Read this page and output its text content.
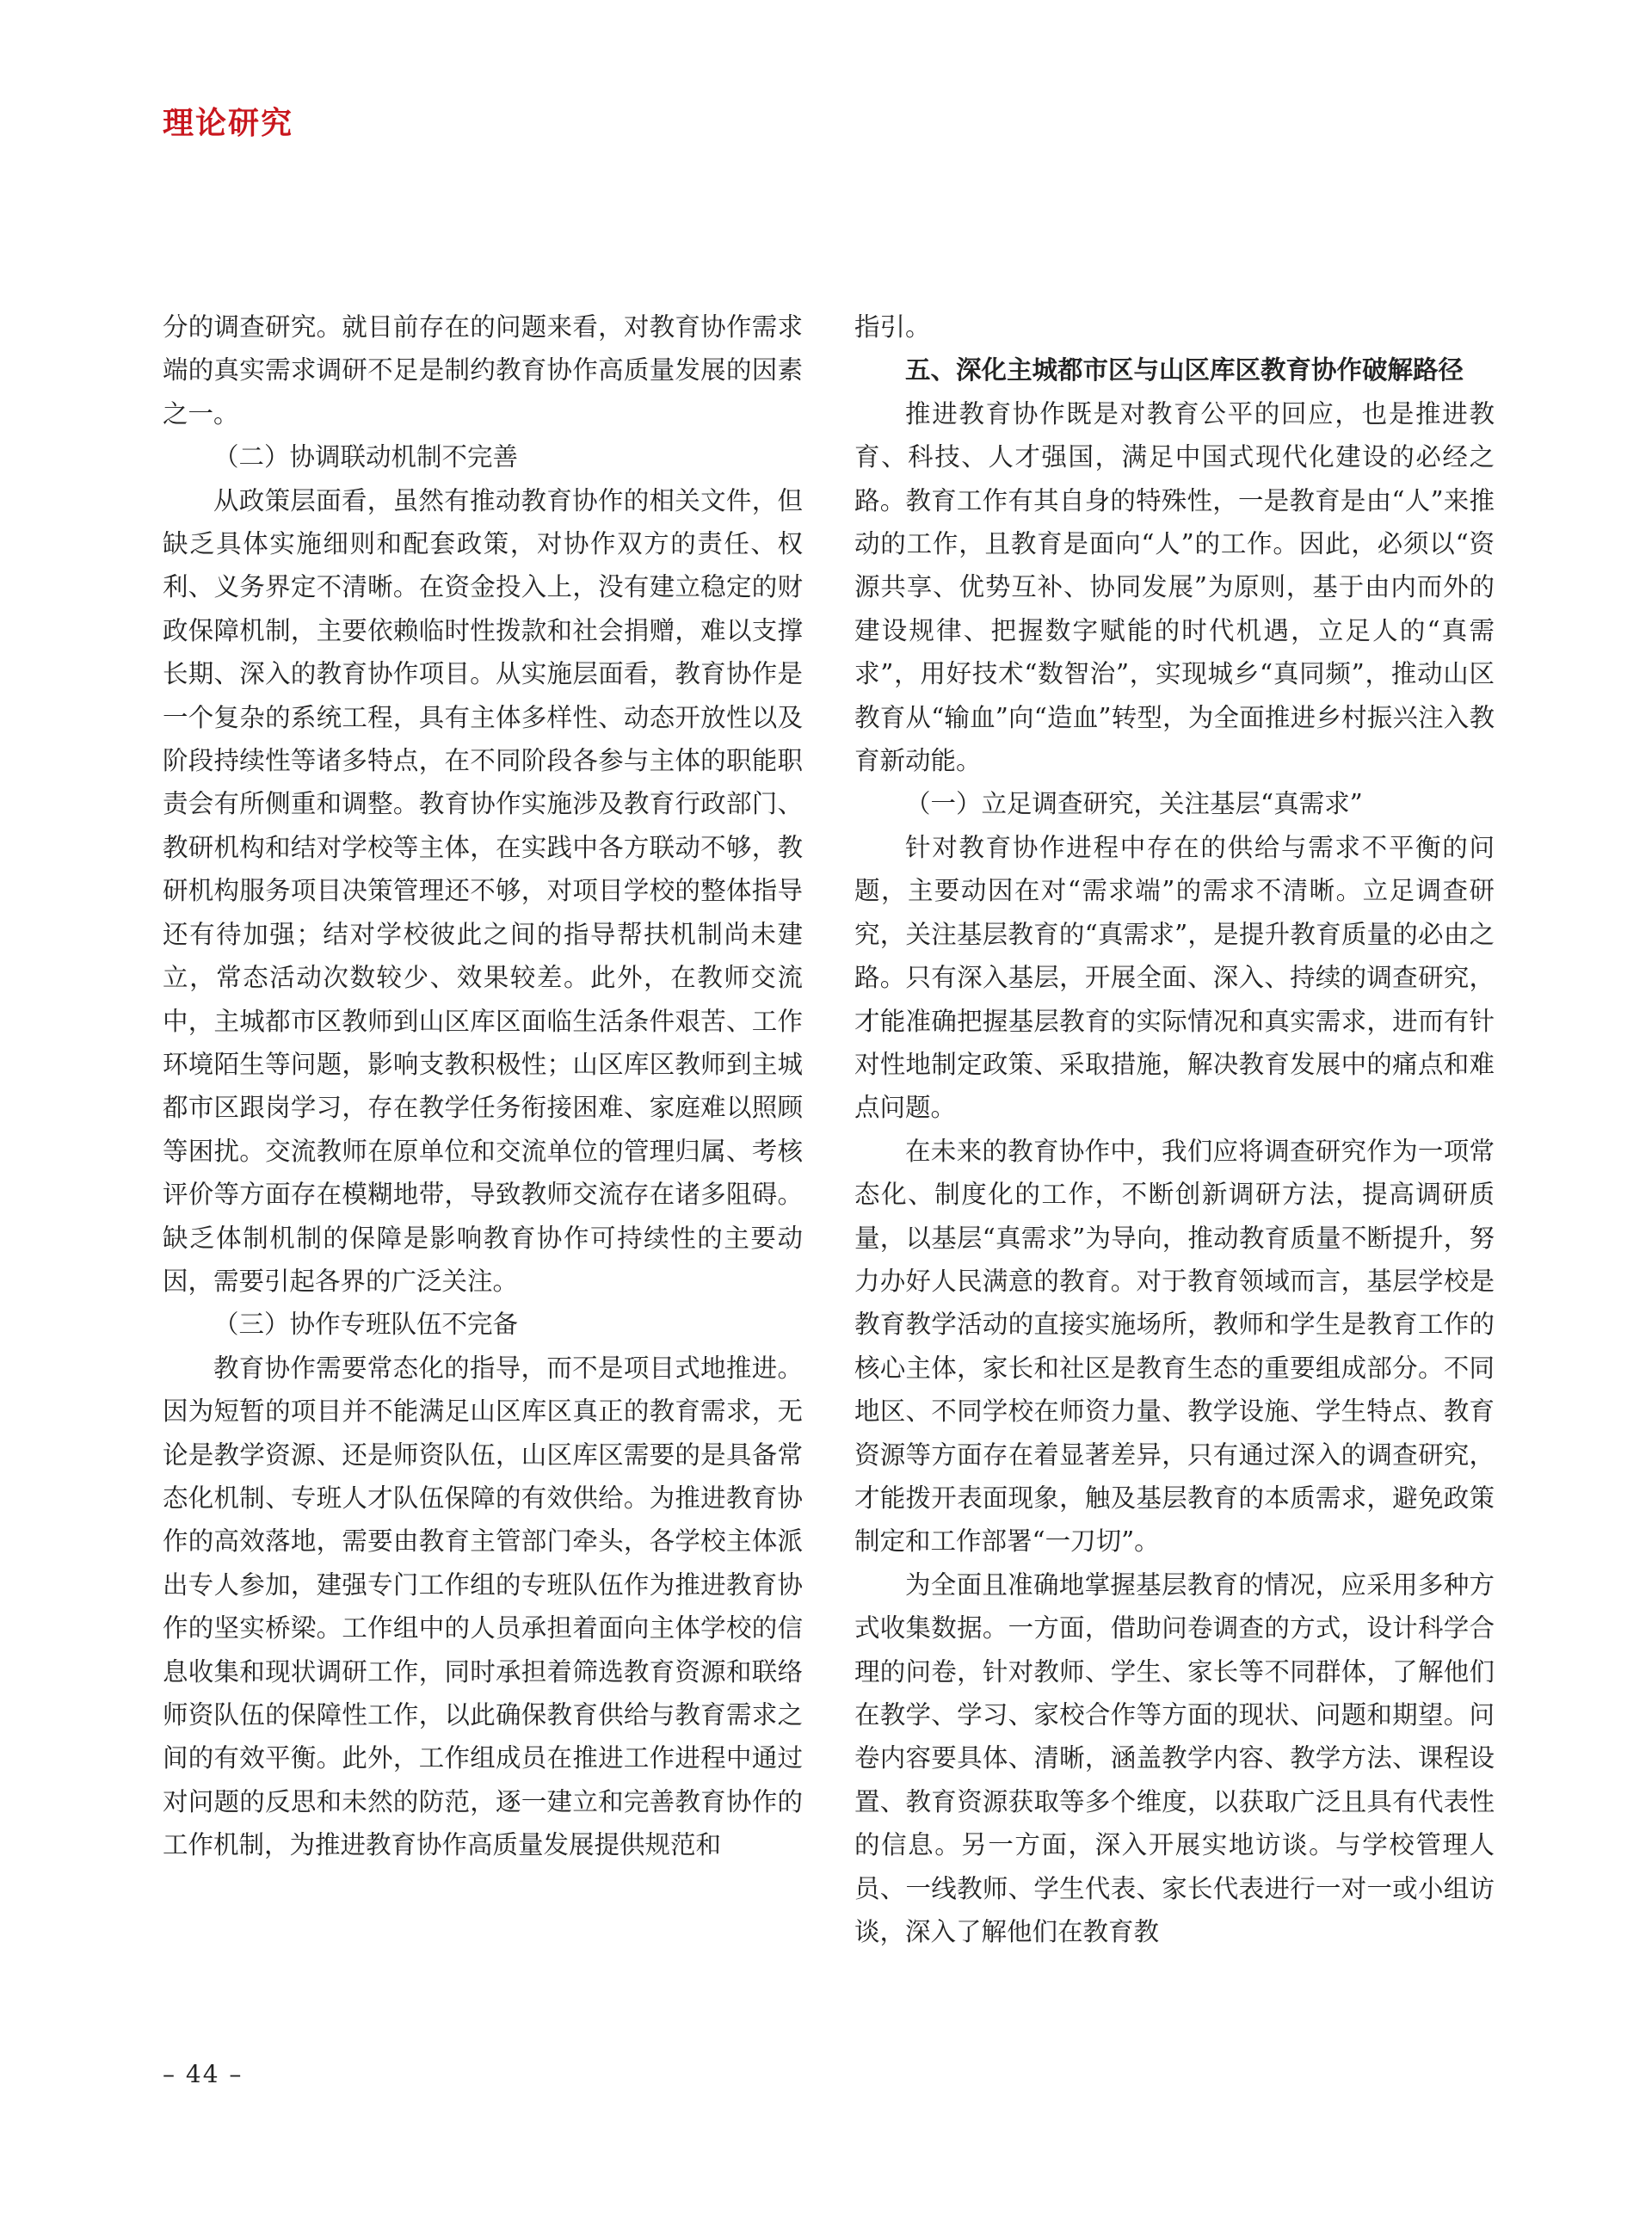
理论研究

分的调查研究。就目前存在的问题来看，对教育协作需求端的真实需求调研不足是制约教育协作高质量发展的因素之一。

（二）协调联动机制不完善

从政策层面看，虽然有推动教育协作的相关文件，但缺乏具体实施细则和配套政策，对协作双方的责任、权利、义务界定不清晰。在资金投入上，没有建立稳定的财政保障机制，主要依赖临时性拨款和社会捐赠，难以支撑长期、深入的教育协作项目。从实施层面看，教育协作是一个复杂的系统工程，具有主体多样性、动态开放性以及阶段持续性等诸多特点，在不同阶段各参与主体的职能职责会有所侧重和调整。教育协作实施涉及教育行政部门、教研机构和结对学校等主体，在实践中各方联动不够，教研机构服务项目决策管理还不够，对项目学校的整体指导还有待加强；结对学校彼此之间的指导帮扶机制尚未建立，常态活动次数较少、效果较差。此外，在教师交流中，主城都市区教师到山区库区面临生活条件艰苦、工作环境陌生等问题，影响支教积极性；山区库区教师到主城都市区跟岗学习，存在教学任务衔接困难、家庭难以照顾等困扰。交流教师在原单位和交流单位的管理归属、考核评价等方面存在模糊地带，导致教师交流存在诸多阻碍。缺乏体制机制的保障是影响教育协作可持续性的主要动因，需要引起各界的广泛关注。

（三）协作专班队伍不完备

教育协作需要常态化的指导，而不是项目式地推进。因为短暂的项目并不能满足山区库区真正的教育需求，无论是教学资源、还是师资队伍，山区库区需要的是具备常态化机制、专班人才队伍保障的有效供给。为推进教育协作的高效落地，需要由教育主管部门牵头，各学校主体派出专人参加，建强专门工作组的专班队伍作为推进教育协作的坚实桥梁。工作组中的人员承担着面向主体学校的信息收集和现状调研工作，同时承担着筛选教育资源和联络师资队伍的保障性工作，以此确保教育供给与教育需求之间的有效平衡。此外，工作组成员在推进工作进程中通过对问题的反思和未然的防范，逐一建立和完善教育协作的工作机制，为推进教育协作高质量发展提供规范和

指引。

五、深化主城都市区与山区库区教育协作破解路径

推进教育协作既是对教育公平的回应，也是推进教育、科技、人才强国，满足中国式现代化建设的必经之路。教育工作有其自身的特殊性，一是教育是由“人”来推动的工作，且教育是面向“人”的工作。因此，必须以“资源共享、优势互补、协同发展”为原则，基于由内而外的建设规律、把握数字赋能的时代机遇，立足人的“真需求”，用好技术“数智治”，实现城乡“真同频”，推动山区教育从“输血”向“造血”转型，为全面推进乡村振兴注入教育新动能。

（一）立足调查研究，关注基层“真需求”

针对教育协作进程中存在的供给与需求不平衡的问题，主要动因在对“需求端”的需求不清晰。立足调查研究，关注基层教育的“真需求”，是提升教育质量的必由之路。只有深入基层，开展全面、深入、持续的调查研究，才能准确把握基层教育的实际情况和真实需求，进而有针对性地制定政策、采取措施，解决教育发展中的痛点和难点问题。

在未来的教育协作中，我们应将调查研究作为一项常态化、制度化的工作，不断创新调研方法，提高调研质量，以基层“真需求”为导向，推动教育质量不断提升，努力办好人民满意的教育。对于教育领域而言，基层学校是教育教学活动的直接实施场所，教师和学生是教育工作的核心主体，家长和社区是教育生态的重要组成部分。不同地区、不同学校在师资力量、教学设施、学生特点、教育资源等方面存在着显著差异，只有通过深入的调查研究，才能拨开表面现象，触及基层教育的本质需求，避免政策制定和工作部署“一刀切”。

为全面且准确地掌握基层教育的情况，应采用多种方式收集数据。一方面，借助问卷调查的方式，设计科学合理的问卷，针对教师、学生、家长等不同群体，了解他们在教学、学习、家校合作等方面的现状、问题和期望。问卷内容要具体、清晰，涵盖教学内容、教学方法、课程设置、教育资源获取等多个维度，以获取广泛且具有代表性的信息。另一方面，深入开展实地访谈。与学校管理人员、一线教师、学生代表、家长代表进行一对一或小组访谈，深入了解他们在教育教

– 44 –
